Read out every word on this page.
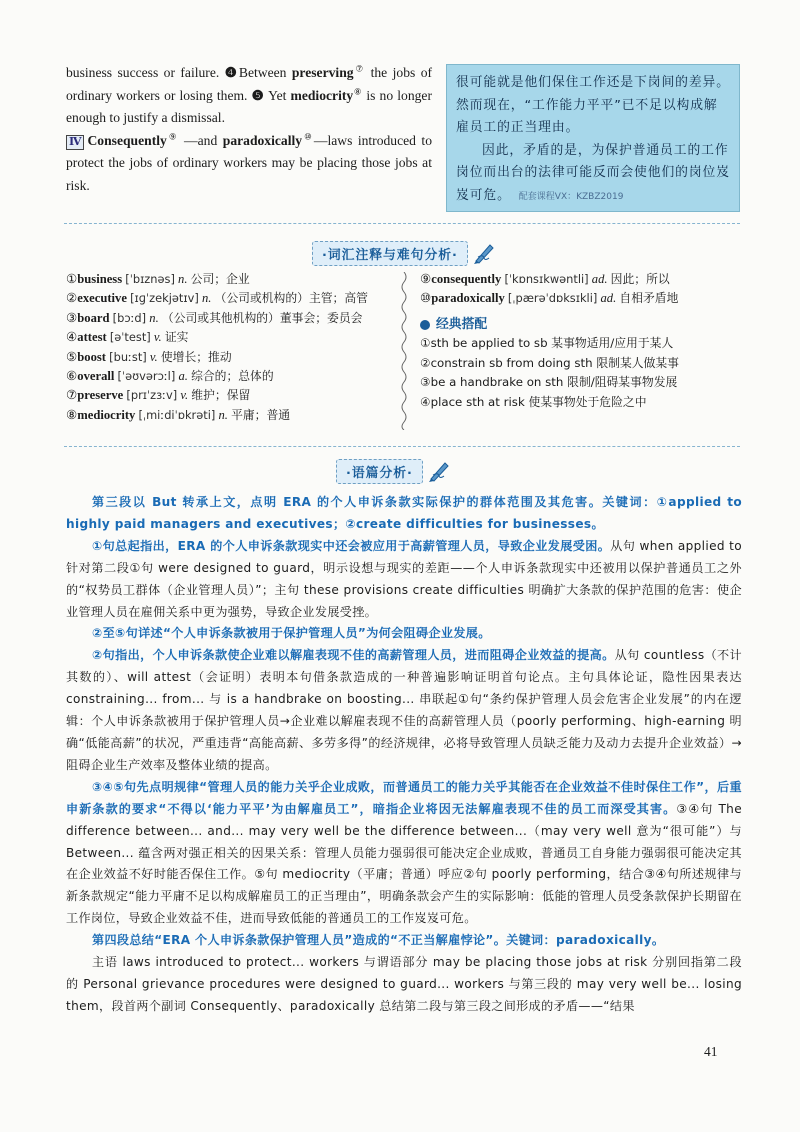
business success or failure. ❹Between preserving⑦ the jobs of ordinary workers or losing them. ❺ Yet mediocrity⑧ is no longer enough to justify a dismissal.

Ⅳ Consequently⑨ —and paradoxically⑩—laws introduced to protect the jobs of ordinary workers may be placing those jobs at risk.

很可能就是他们保住工作还是下岗间的差异。然而现在，“工作能力平平”已不足以构成解雇员工的正当理由。

因此，矛盾的是，为保护普通员工的工作岗位而出台的法律可能反而会使他们的岗位岌岌可危。 配套课程VX：KZBZ2019

·词汇注释与难句分析·
①business [ˈbɪznəs] n. 公司；企业
②executive [ɪɡˈzekjətɪv] n. （公司或机构的）主管；高管
③board [bɔːd] n. （公司或其他机构的）董事会；委员会
④attest [əˈtest] v. 证实
⑤boost [buːst] v. 使增长；推动
⑥overall [ˈəʊvərɔːl] a. 综合的；总体的
⑦preserve [prɪˈzɜːv] v. 维护；保留
⑧mediocrity [ˌmiːdiˈɒkrəti] n. 平庸；普通
⑨consequently [ˈkɒnsɪkwəntli] ad. 因此；所以
⑩paradoxically [ˌpærəˈdɒksɪkli] ad. 自相矛盾地
经典搭配
①sth be applied to sb 某事物适用/应用于某人
②constrain sb from doing sth 限制某人做某事
③be a handbrake on sth 限制/阻碍某事物发展
④place sth at risk 使某事物处于危险之中
·语篇分析·

第三段以 But 转承上文，点明 ERA 的个人申诉条款实际保护的群体范围及其危害。关键词：①applied to highly paid managers and executives；②create difficulties for businesses。

①句总起指出，ERA 的个人申诉条款现实中还会被应用于高薪管理人员，导致企业发展受困。从句 when applied to 针对第二段①句 were designed to guard，明示设想与现实的差距——个人申诉条款现实中还被用以保护普通员工之外的“权势员工群体（企业管理人员）”；主句 these provisions create difficulties 明确扩大条款的保护范围的危害：使企业管理人员在雇佣关系中更为强势，导致企业发展受挫。

②至⑤句详述“个人申诉条款被用于保护管理人员”为何会阻碍企业发展。

②句指出，个人申诉条款使企业难以解雇表现不佳的高薪管理人员，进而阻碍企业效益的提高。从句 countless（不计其数的）、will attest（会证明）表明本句借条款造成的一种普遍影响证明首句论点。主句具体论证，隐性因果表达 constraining... from... 与 is a handbrake on boosting... 串联起①句“条约保护管理人员会危害企业发展”的内在逻辑：个人申诉条款被用于保护管理人员→企业难以解雇表现不佳的高薪管理人员（poorly performing、high-earning 明确“低能高薪”的状况，严重违背“高能高薪、多劳多得”的经济规律，必将导致管理人员缺乏能力及动力去提升企业效益）→阻碍企业生产效率及整体业绩的提高。

③④⑤句先点明规律“管理人员的能力关乎企业成败，而普通员工的能力关乎其能否在企业效益不佳时保住工作”，后重申新条款的要求“不得以‘能力平平’为由解雇员工”，暗指企业将因无法解雇表现不佳的员工而深受其害。③④句 The difference between... and... may very well be the difference between...（may very well 意为“很可能”）与 Between... 蕴含两对强正相关的因果关系：管理人员能力强弱很可能决定企业成败，普通员工自身能力强弱很可能决定其在企业效益不好时能否保住工作。⑤句 mediocrity（平庸；普通）呼应②句 poorly performing，结合③④句所述规律与新条款规定“能力平庸不足以构成解雇员工的正当理由”，明确条款会产生的实际影响：低能的管理人员受条款保护长期留在工作岗位，导致企业效益不佳，进而导致低能的普通员工的工作岌岌可危。

第四段总结“ERA 个人申诉条款保护管理人员”造成的“不正当解雇悖论”。关键词：paradoxically。

主语 laws introduced to protect... workers 与谓语部分 may be placing those jobs at risk 分别回指第二段的 Personal grievance procedures were designed to guard... workers 与第三段的 may very well be... losing them，段首两个副词 Consequently、paradoxically 总结第二段与第三段之间形成的矛盾——“结果

41
